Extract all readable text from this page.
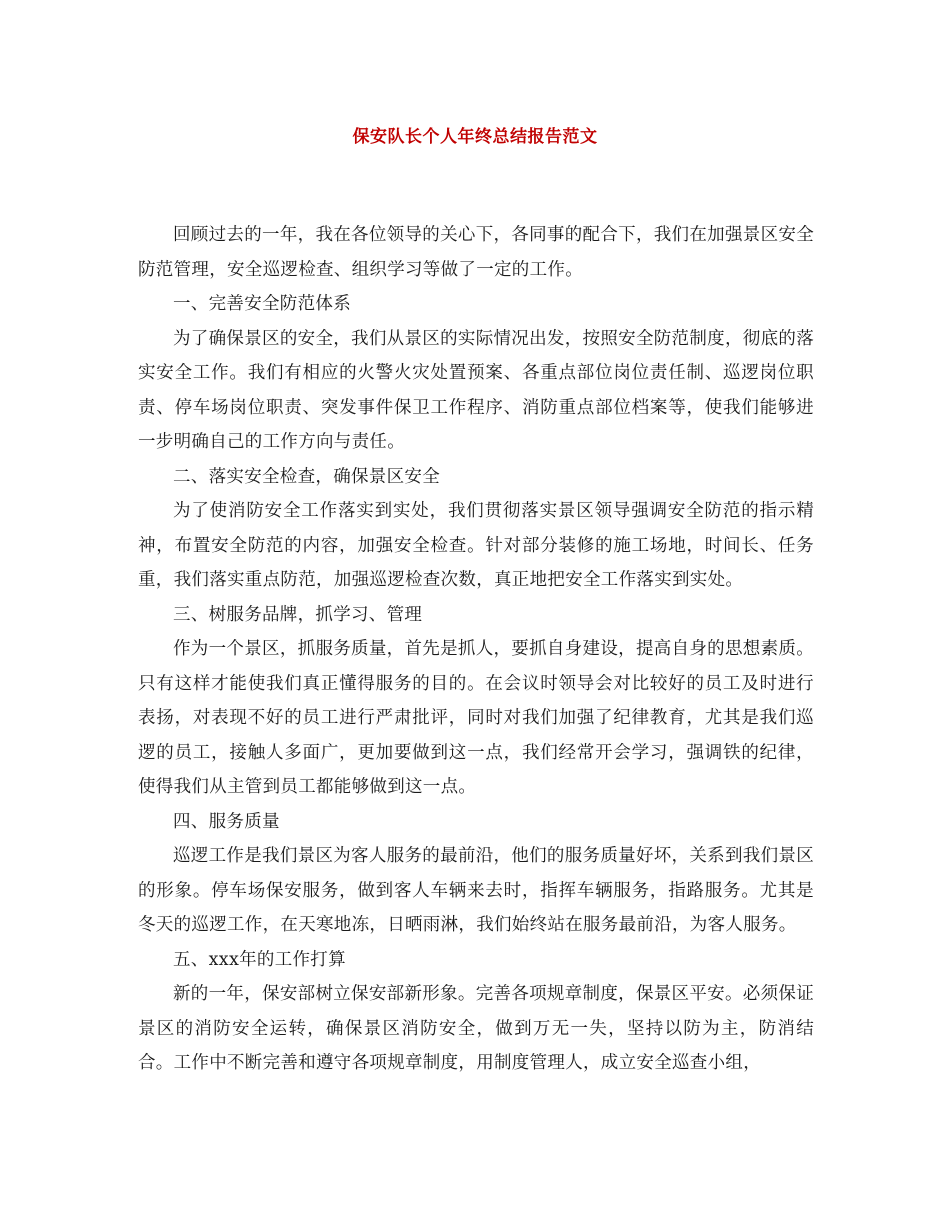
保安队长个人年终总结报告范文

回顾过去的一年，我在各位领导的关心下，各同事的配合下，我们在加强景区安全防范管理，安全巡逻检查、组织学习等做了一定的工作。

一、完善安全防范体系

为了确保景区的安全，我们从景区的实际情况出发，按照安全防范制度，彻底的落实安全工作。我们有相应的火警火灾处置预案、各重点部位岗位责任制、巡逻岗位职责、停车场岗位职责、突发事件保卫工作程序、消防重点部位档案等，使我们能够进一步明确自己的工作方向与责任。

二、落实安全检查，确保景区安全

为了使消防安全工作落实到实处，我们贯彻落实景区领导强调安全防范的指示精神，布置安全防范的内容，加强安全检查。针对部分装修的施工场地，时间长、任务重，我们落实重点防范，加强巡逻检查次数，真正地把安全工作落实到实处。

三、树服务品牌，抓学习、管理

作为一个景区，抓服务质量，首先是抓人，要抓自身建设，提高自身的思想素质。只有这样才能使我们真正懂得服务的目的。在会议时领导会对比较好的员工及时进行表扬，对表现不好的员工进行严肃批评，同时对我们加强了纪律教育，尤其是我们巡逻的员工，接触人多面广，更加要做到这一点，我们经常开会学习，强调铁的纪律，使得我们从主管到员工都能够做到这一点。

四、服务质量

巡逻工作是我们景区为客人服务的最前沿，他们的服务质量好坏，关系到我们景区的形象。停车场保安服务，做到客人车辆来去时，指挥车辆服务，指路服务。尤其是冬天的巡逻工作，在天寒地冻，日晒雨淋，我们始终站在服务最前沿，为客人服务。

五、xxx年的工作打算

新的一年，保安部树立保安部新形象。完善各项规章制度，保景区平安。必须保证景区的消防安全运转，确保景区消防安全，做到万无一失，坚持以防为主，防消结合。工作中不断完善和遵守各项规章制度，用制度管理人，成立安全巡查小组，
